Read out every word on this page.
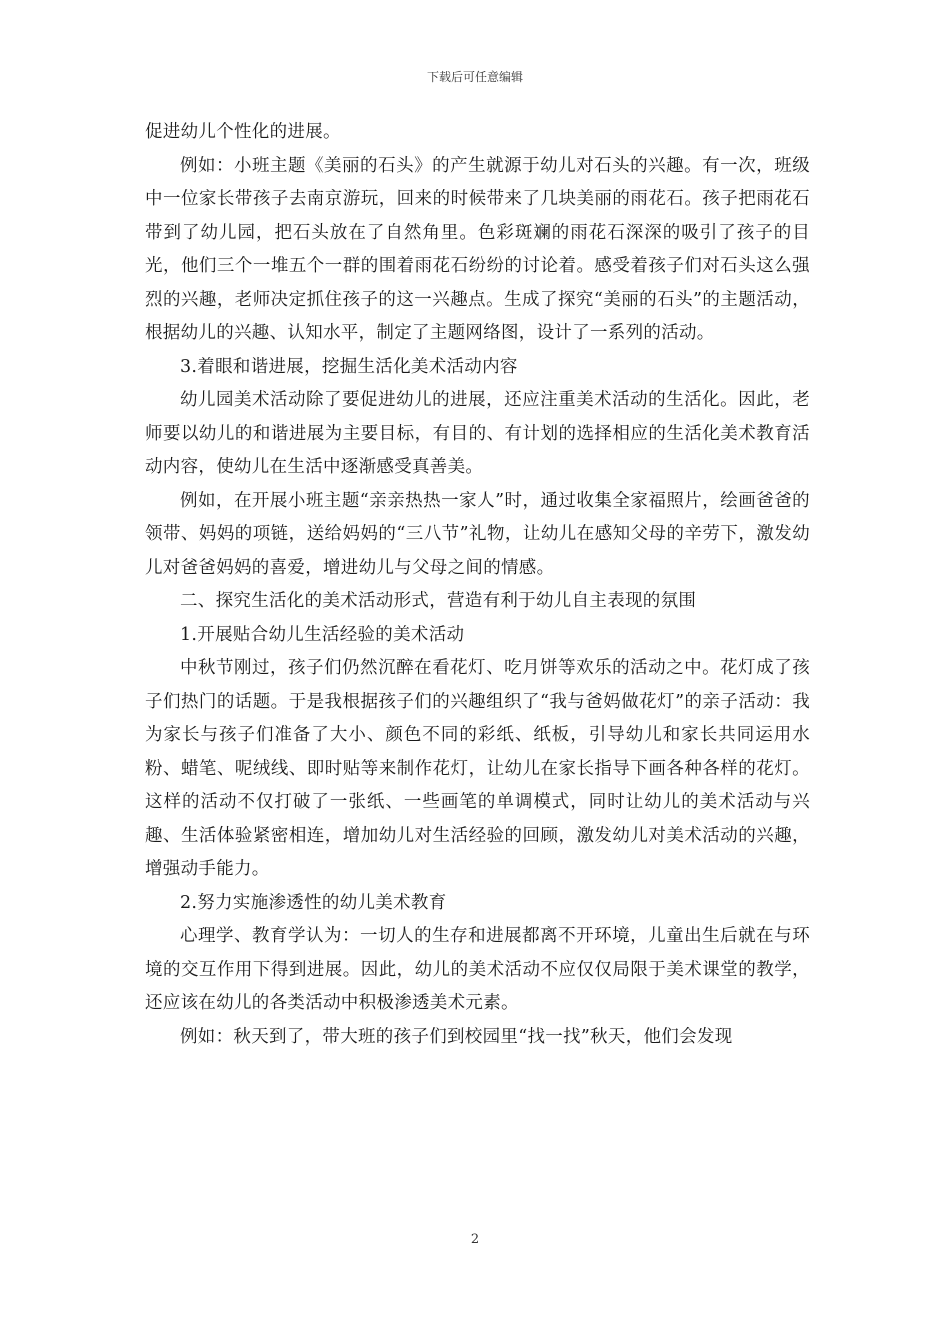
下载后可任意编辑

促进幼儿个性化的进展。

例如：小班主题《美丽的石头》的产生就源于幼儿对石头的兴趣。有一次，班级中一位家长带孩子去南京游玩，回来的时候带来了几块美丽的雨花石。孩子把雨花石带到了幼儿园，把石头放在了自然角里。色彩斑斓的雨花石深深的吸引了孩子的目光，他们三个一堆五个一群的围着雨花石纷纷的讨论着。感受着孩子们对石头这么强烈的兴趣，老师决定抓住孩子的这一兴趣点。生成了探究“美丽的石头”的主题活动，根据幼儿的兴趣、认知水平，制定了主题网络图，设计了一系列的活动。

3.着眼和谐进展，挖掘生活化美术活动内容

幼儿园美术活动除了要促进幼儿的进展，还应注重美术活动的生活化。因此，老师要以幼儿的和谐进展为主要目标，有目的、有计划的选择相应的生活化美术教育活动内容，使幼儿在生活中逐渐感受真善美。

例如，在开展小班主题“亲亲热热一家人”时，通过收集全家福照片，绘画爸爸的领带、妈妈的项链，送给妈妈的“三八节”礼物，让幼儿在感知父母的辛劳下，激发幼儿对爸爸妈妈的喜爱，增进幼儿与父母之间的情感。

二、探究生活化的美术活动形式，营造有利于幼儿自主表现的氛围

1.开展贴合幼儿生活经验的美术活动

中秋节刚过，孩子们仍然沉醉在看花灯、吃月饼等欢乐的活动之中。花灯成了孩子们热门的话题。于是我根据孩子们的兴趣组织了“我与爸妈做花灯”的亲子活动：我为家长与孩子们准备了大小、颜色不同的彩纸、纸板，引导幼儿和家长共同运用水粉、蜡笔、呢绒线、即时贴等来制作花灯，让幼儿在家长指导下画各种各样的花灯。这样的活动不仅打破了一张纸、一些画笔的单调模式，同时让幼儿的美术活动与兴趣、生活体验紧密相连，增加幼儿对生活经验的回顾，激发幼儿对美术活动的兴趣，增强动手能力。

2.努力实施渗透性的幼儿美术教育

心理学、教育学认为：一切人的生存和进展都离不开环境，儿童出生后就在与环境的交互作用下得到进展。因此，幼儿的美术活动不应仅仅局限于美术课堂的教学，还应该在幼儿的各类活动中积极渗透美术元素。

例如：秋天到了，带大班的孩子们到校园里“找一找”秋天，他们会发现

2
